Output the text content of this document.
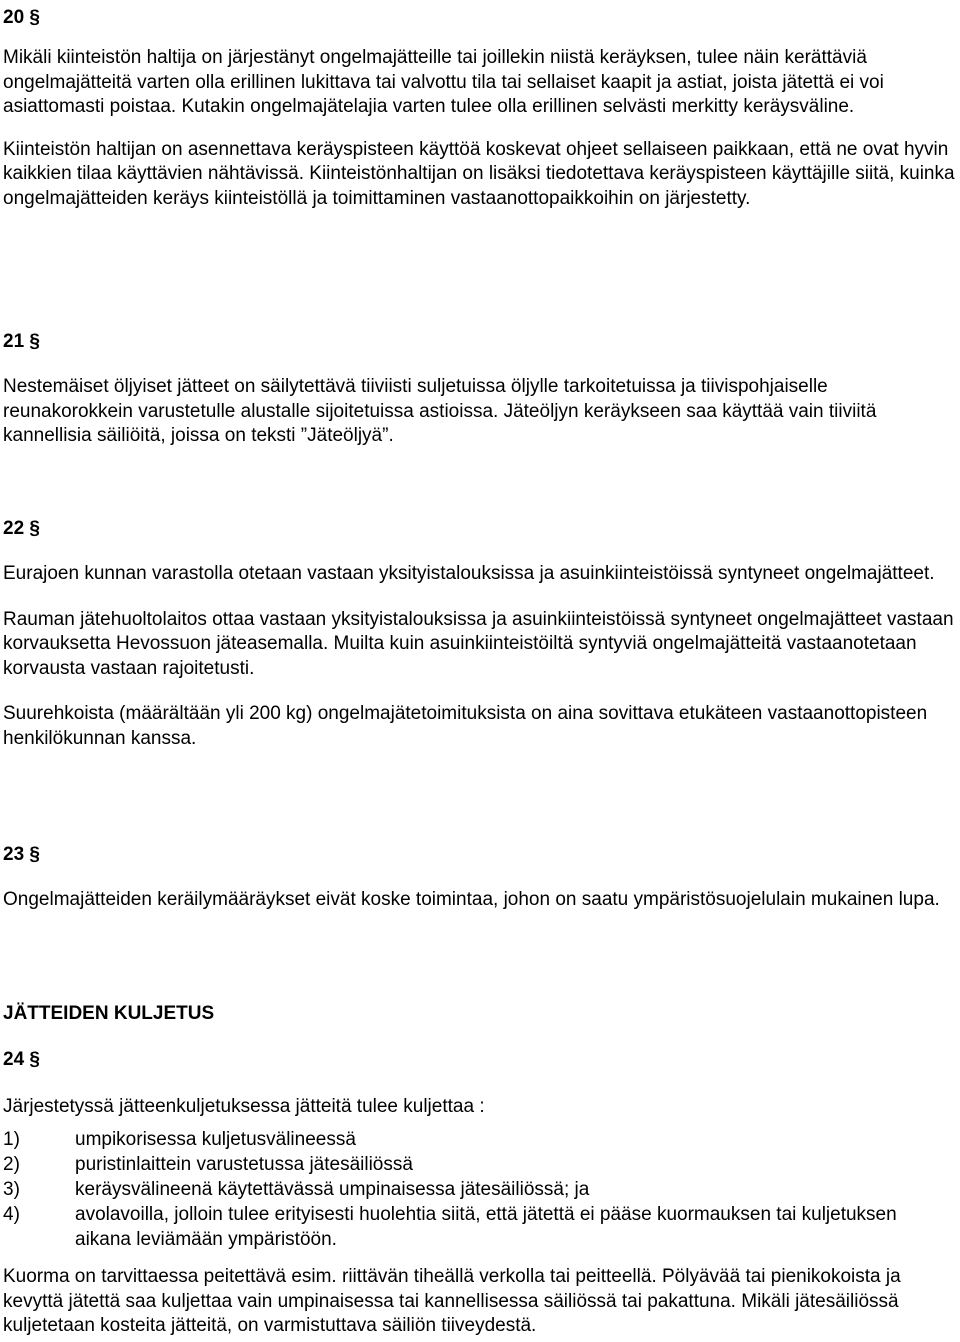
20 §

Mikäli kiinteistön haltija on järjestänyt ongelmajätteille tai joillekin niistä keräyksen, tulee näin kerättäviä ongelmajätteitä varten olla erillinen lukittava tai valvottu tila tai sellaiset kaapit ja astiat, joista jätettä ei voi asiattomasti poistaa. Kutakin ongelmajätelajia varten tulee olla erillinen selvästi merkitty keräysväline.

Kiinteistön haltijan on asennettava keräyspisteen käyttöä koskevat ohjeet sellaiseen paikkaan, että ne ovat hyvin kaikkien tilaa käyttävien nähtävissä. Kiinteistönhaltijan on lisäksi tiedotettava keräyspisteen käyttäjille siitä, kuinka ongelmajätteiden keräys kiinteistöllä ja toimittaminen vastaanottopaikkoihin on järjestetty.

21 §

Nestemäiset öljyiset jätteet on säilytettävä tiiviisti suljetuissa öljylle tarkoitetuissa ja tiivispohjaiselle reunakorokkein varustetulle alustalle sijoitetuissa astioissa. Jäteöljyn keräykseen saa käyttää vain tiiviitä kannellisia säiliöitä, joissa on teksti ”Jäteöljyä”.

22 §

Eurajoen kunnan varastolla otetaan vastaan yksityistalouksissa ja asuinkiinteistöissä syntyneet ongelmajätteet.

Rauman jätehuoltolaitos ottaa vastaan yksityistalouksissa ja asuinkiinteistöissä syntyneet ongelmajätteet vastaan korvauksetta Hevossuon jäteasemalla. Muilta kuin asuinkiinteistöiltä syntyviä ongelmajätteitä vastaanotetaan korvausta vastaan rajoitetusti.

Suurehkoista (määrältään yli 200 kg) ongelmajätetoimituksista on aina sovittava etukäteen vastaanottopisteen henkilökunnan kanssa.

23 §

Ongelmajätteiden keräilymääräykset eivät koske toimintaa, johon on saatu ympäristösuojelulain mukainen lupa.

JÄTTEIDEN KULJETUS
24 §

Järjestetyssä jätteenkuljetuksessa jätteitä tulee kuljettaa :

1)	umpikorisessa kuljetusvälineessä
2)	puristinlaittein varustetussa jätesäiliössä
3)	keräysvälineenä käytettävässä umpinaisessa jätesäiliössä; ja
4)	avolavoilla, jolloin tulee erityisesti huolehtia siitä, että jätettä ei pääse kuormauksen tai kuljetuksen aikana leviämään ympäristöön.

Kuorma on tarvittaessa peitettävä esim. riittävän tiheällä verkolla tai peitteellä. Pölyävää tai pienikokoista ja kevyttä jätettä saa kuljettaa vain umpinaisessa tai kannellisessa säiliössä tai pakattuna. Mikäli jätesäiliössä kuljetetaan kosteita jätteitä, on varmistuttava säiliön tiiveydestä.
